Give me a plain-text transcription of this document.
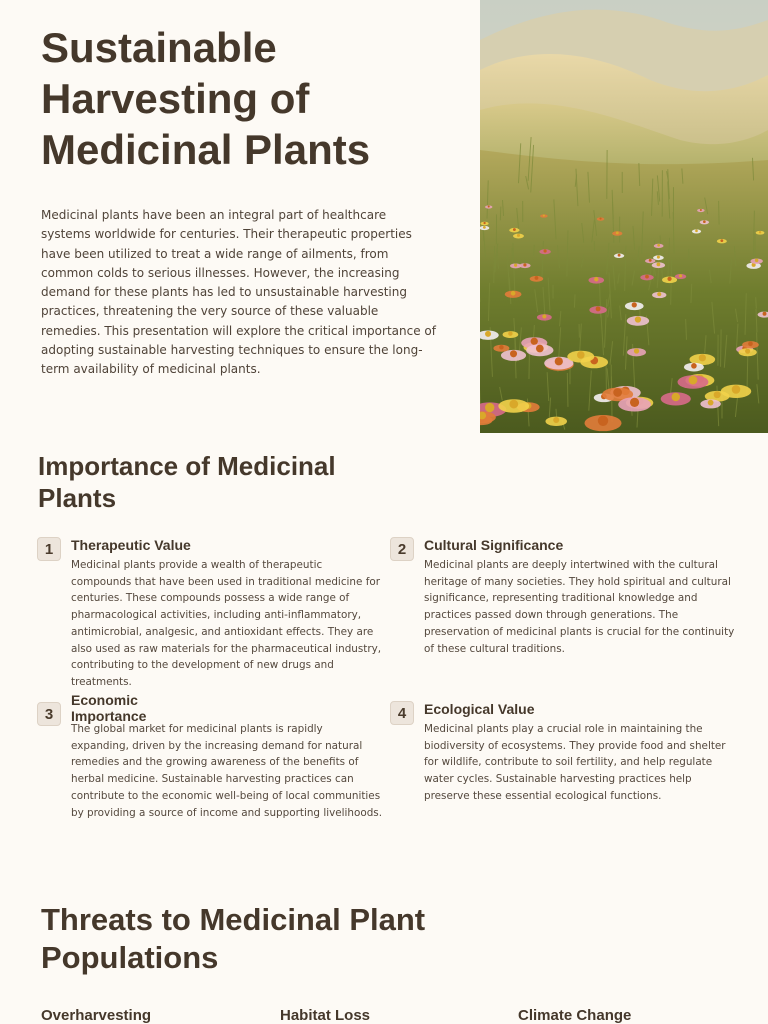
Sustainable Harvesting of Medicinal Plants

Medicinal plants have been an integral part of healthcare systems worldwide for centuries. Their therapeutic properties have been utilized to treat a wide range of ailments, from common colds to serious illnesses. However, the increasing demand for these plants has led to unsustainable harvesting practices, threatening the very source of these valuable remedies. This presentation will explore the critical importance of adopting sustainable harvesting techniques to ensure the long-term availability of medicinal plants.

Importance of Medicinal Plants
1	Therapeutic Value

Medicinal plants provide a wealth of therapeutic compounds that have been used in traditional medicine for centuries. These compounds possess a wide range of pharmacological activities, including anti-inflammatory, antimicrobial, analgesic, and antioxidant effects. They are also used as raw materials for the pharmaceutical industry, contributing to the development of new drugs and treatments.

2	Cultural Significance

Medicinal plants are deeply intertwined with the cultural heritage of many societies. They hold spiritual and cultural significance, representing traditional knowledge and practices passed down through generations. The preservation of medicinal plants is crucial for the continuity of these cultural traditions.

3
Economic Importance

The global market for medicinal plants is rapidly expanding, driven by the increasing demand for natural remedies and the growing awareness of the benefits of herbal medicine. Sustainable harvesting practices can contribute to the economic well-being of local communities by providing a source of income and supporting livelihoods.

4	Ecological Value

Medicinal plants play a crucial role in maintaining the biodiversity of ecosystems. They provide food and shelter for wildlife, contribute to soil fertility, and help regulate water cycles. Sustainable harvesting practices help preserve these essential ecological functions.

Threats to Medicinal Plant Populations
Overharvesting	Habitat Loss	Climate Change
